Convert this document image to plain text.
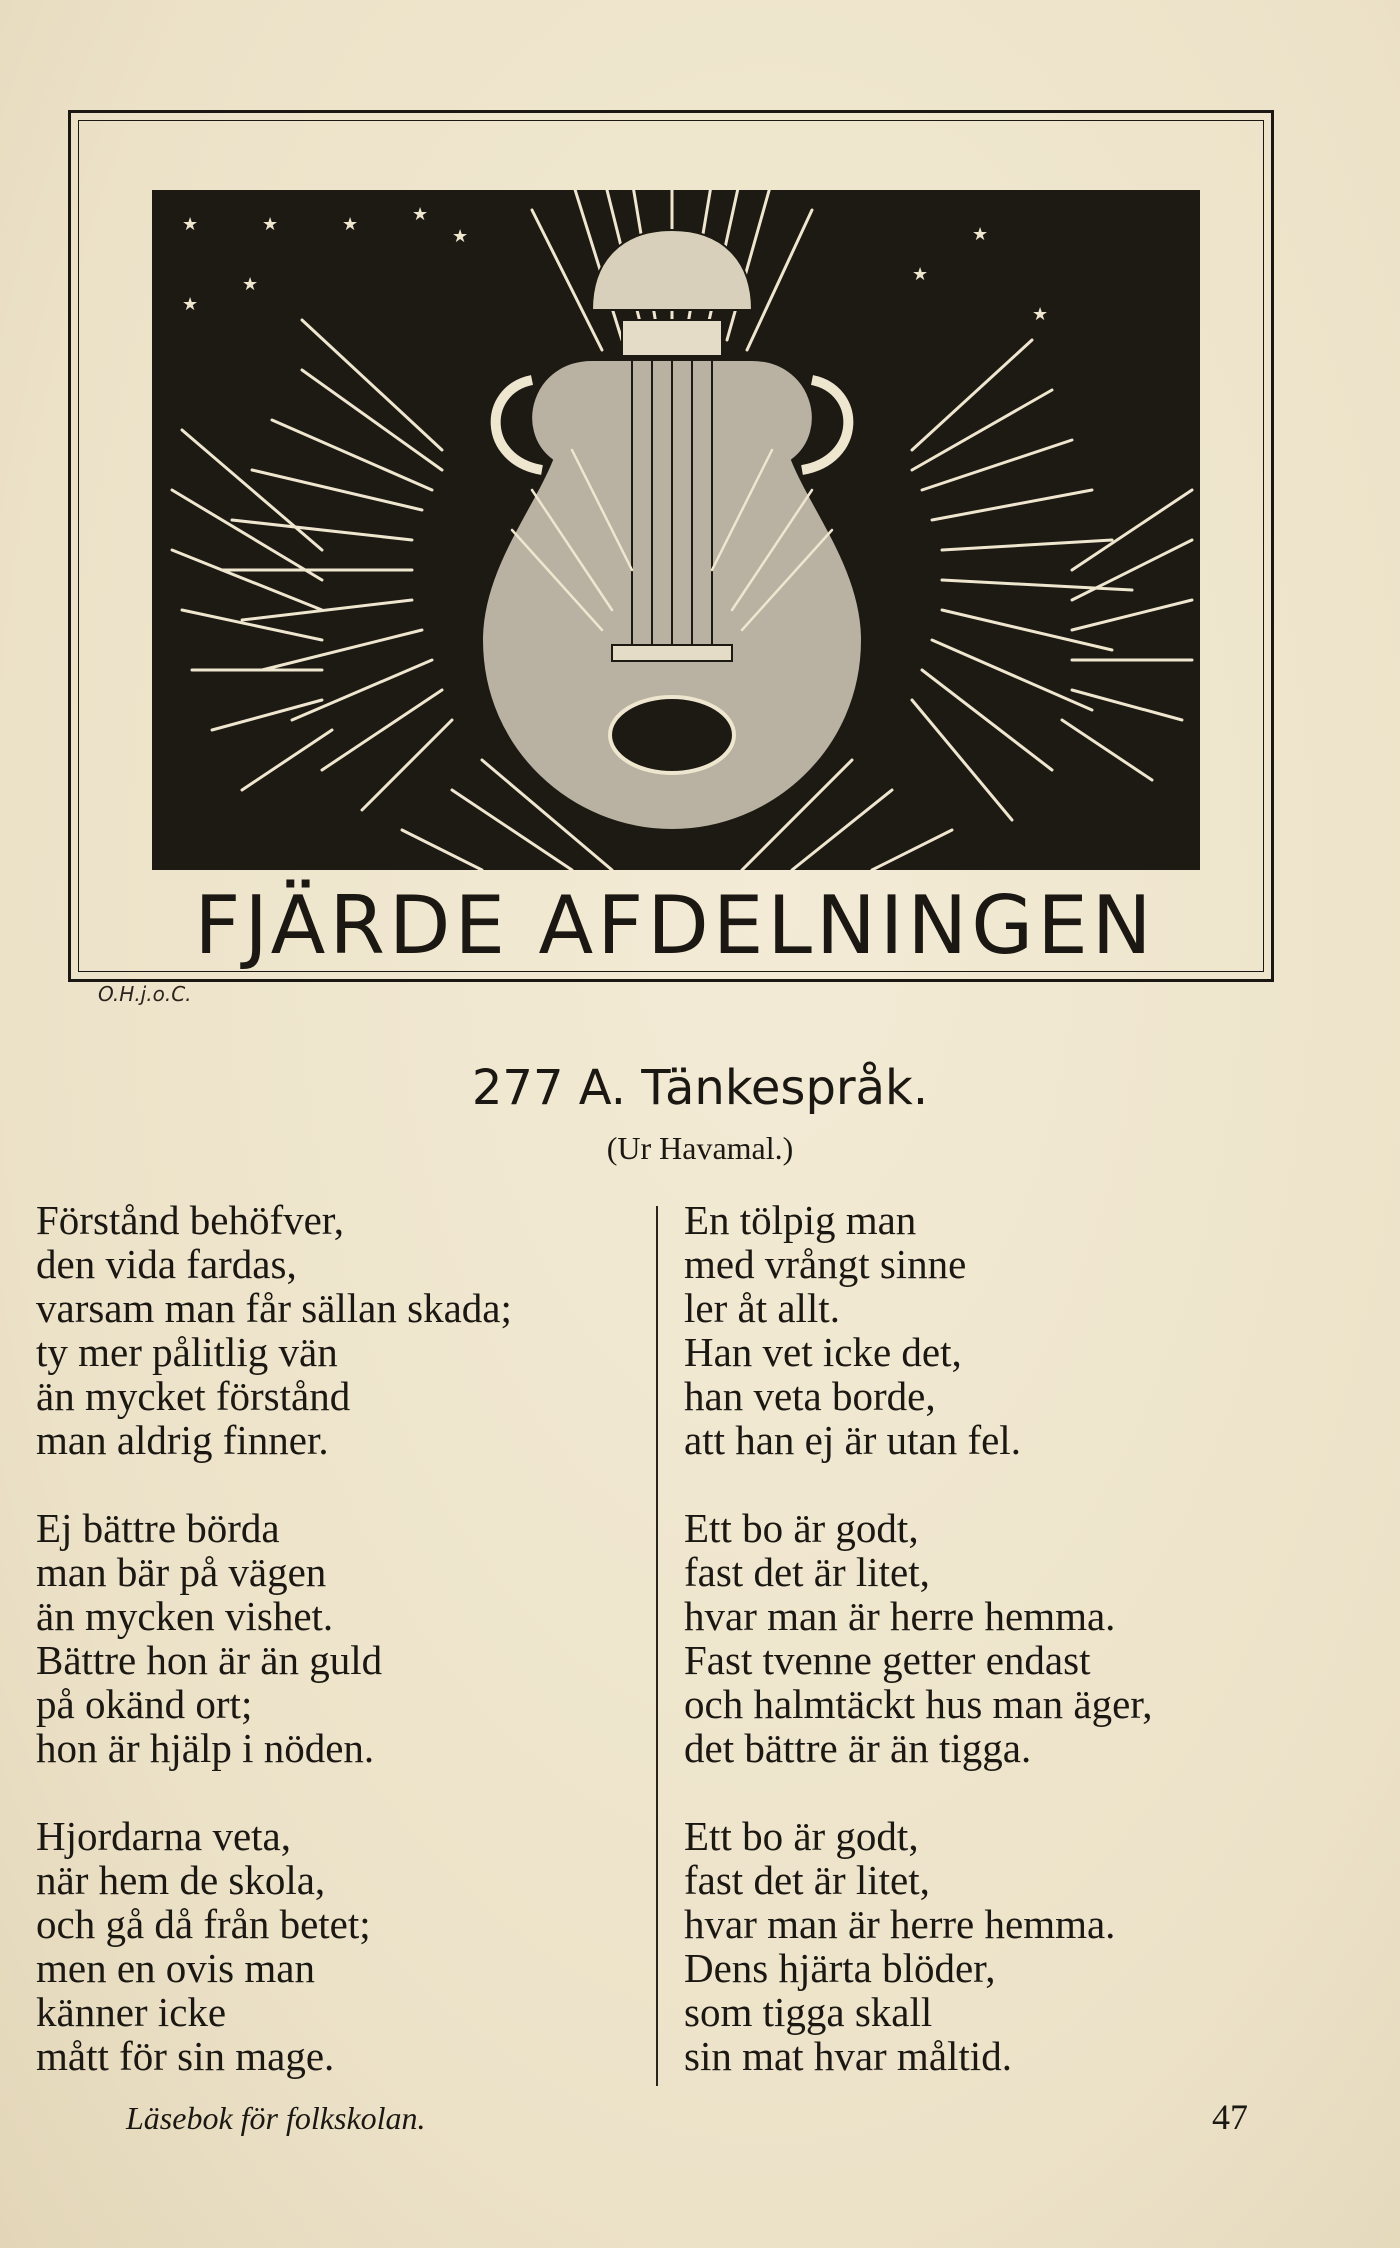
★	★	★	★
★
★
★
★
★
★
FJÄRDE AFDELNINGEN
O.H.j.o.C.
277 A. Tänkespråk.
(Ur Havamal.)
Förstånd behöfver,
den vida fardas,
varsam man får sällan skada;
ty mer pålitlig vän
än mycket förstånd
man aldrig finner.
Ej bättre börda
man bär på vägen
än mycken vishet.
Bättre hon är än guld
på okänd ort;
hon är hjälp i nöden.
Hjordarna veta,
när hem de skola,
och gå då från betet;
men en ovis man
känner icke
mått för sin mage.
En tölpig man
med vrångt sinne
ler åt allt.
Han vet icke det,
han veta borde,
att han ej är utan fel.
Ett bo är godt,
fast det är litet,
hvar man är herre hemma.
Fast tvenne getter endast
och halmtäckt hus man äger,
det bättre är än tigga.
Ett bo är godt,
fast det är litet,
hvar man är herre hemma.
Dens hjärta blöder,
som tigga skall
sin mat hvar måltid.
Läsebok för folkskolan.	47
